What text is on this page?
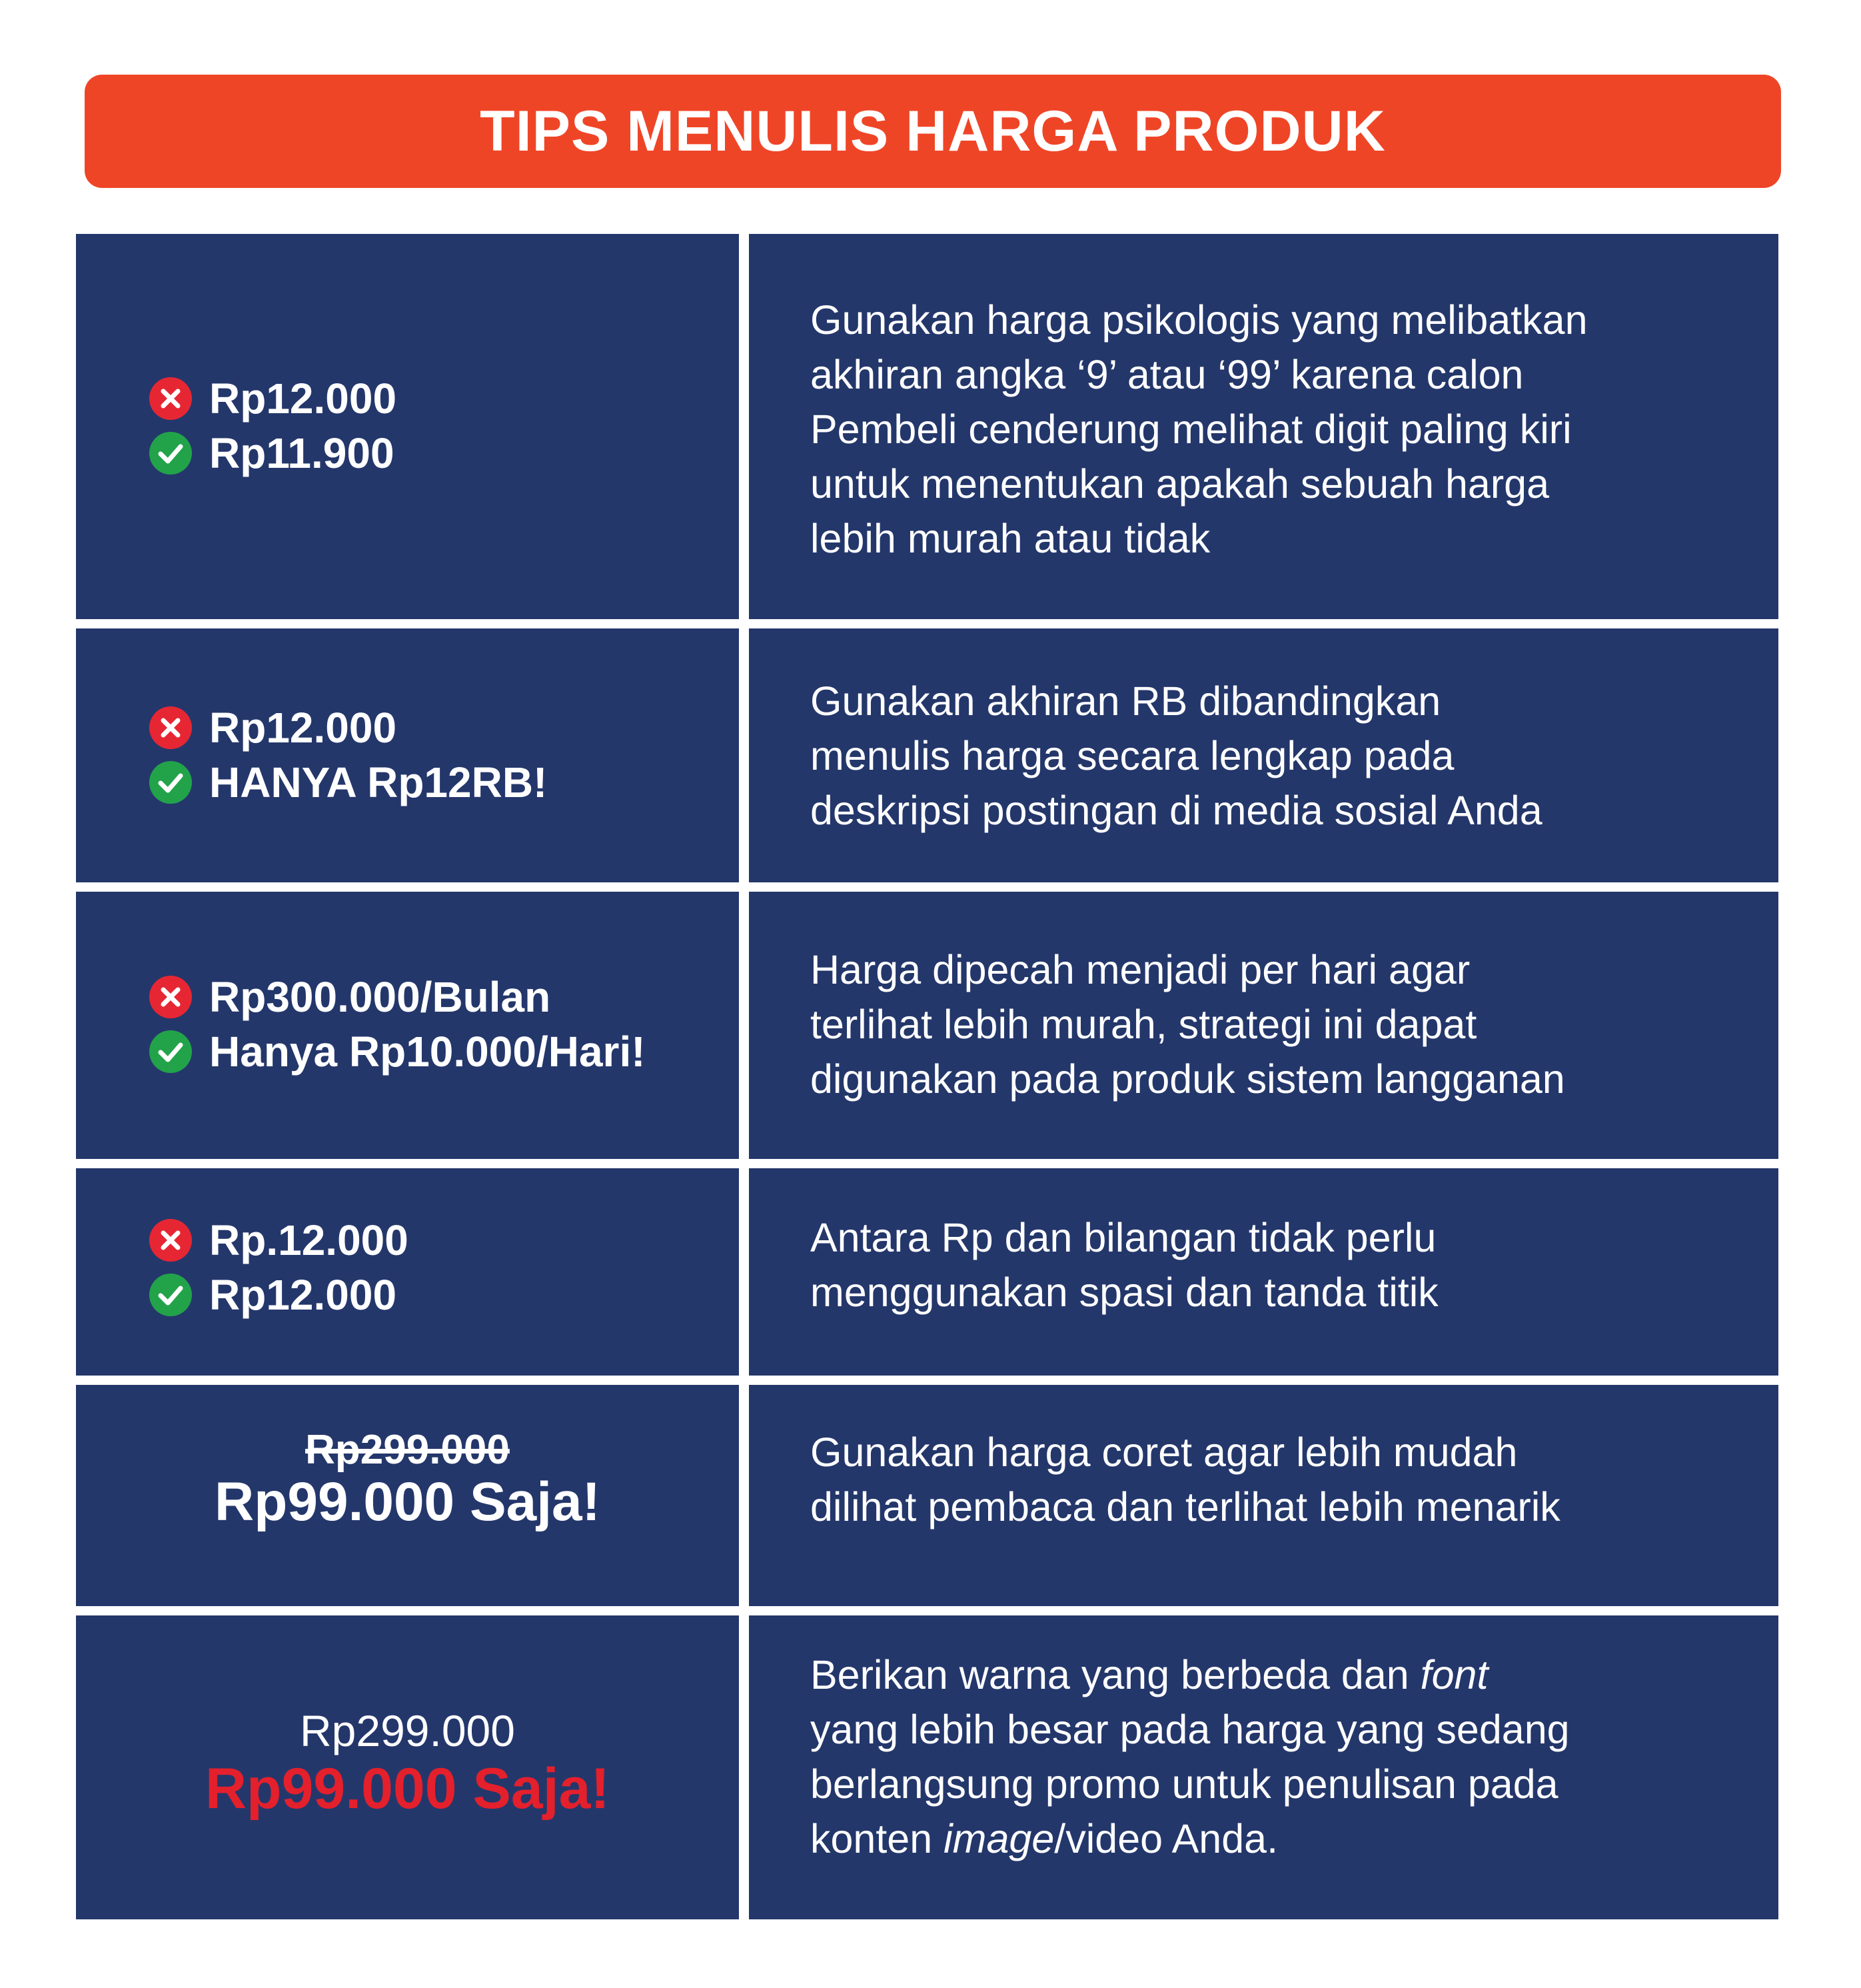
TIPS MENULIS HARGA PRODUK
Rp12.000
Rp11.900
Gunakan harga psikologis yang melibatkan
akhiran angka ‘9’ atau ‘99’ karena calon
Pembeli cenderung melihat digit paling kiri
untuk menentukan apakah sebuah harga
lebih murah atau tidak
Rp12.000
HANYA Rp12RB!
Gunakan akhiran RB dibandingkan
menulis harga secara lengkap pada
deskripsi postingan di media sosial Anda
Rp300.000/Bulan
Hanya Rp10.000/Hari!
Harga dipecah menjadi per hari agar
terlihat lebih murah, strategi ini dapat
digunakan pada produk sistem langganan
Rp.12.000
Rp12.000
Antara Rp dan bilangan tidak perlu
menggunakan spasi dan tanda titik
Rp299.000
Rp99.000 Saja!
Gunakan harga coret agar lebih mudah
dilihat pembaca dan terlihat lebih menarik
Rp299.000
Rp99.000 Saja!
Berikan warna yang berbeda dan font
yang lebih besar pada harga yang sedang
berlangsung promo untuk penulisan pada
konten image/video Anda.
